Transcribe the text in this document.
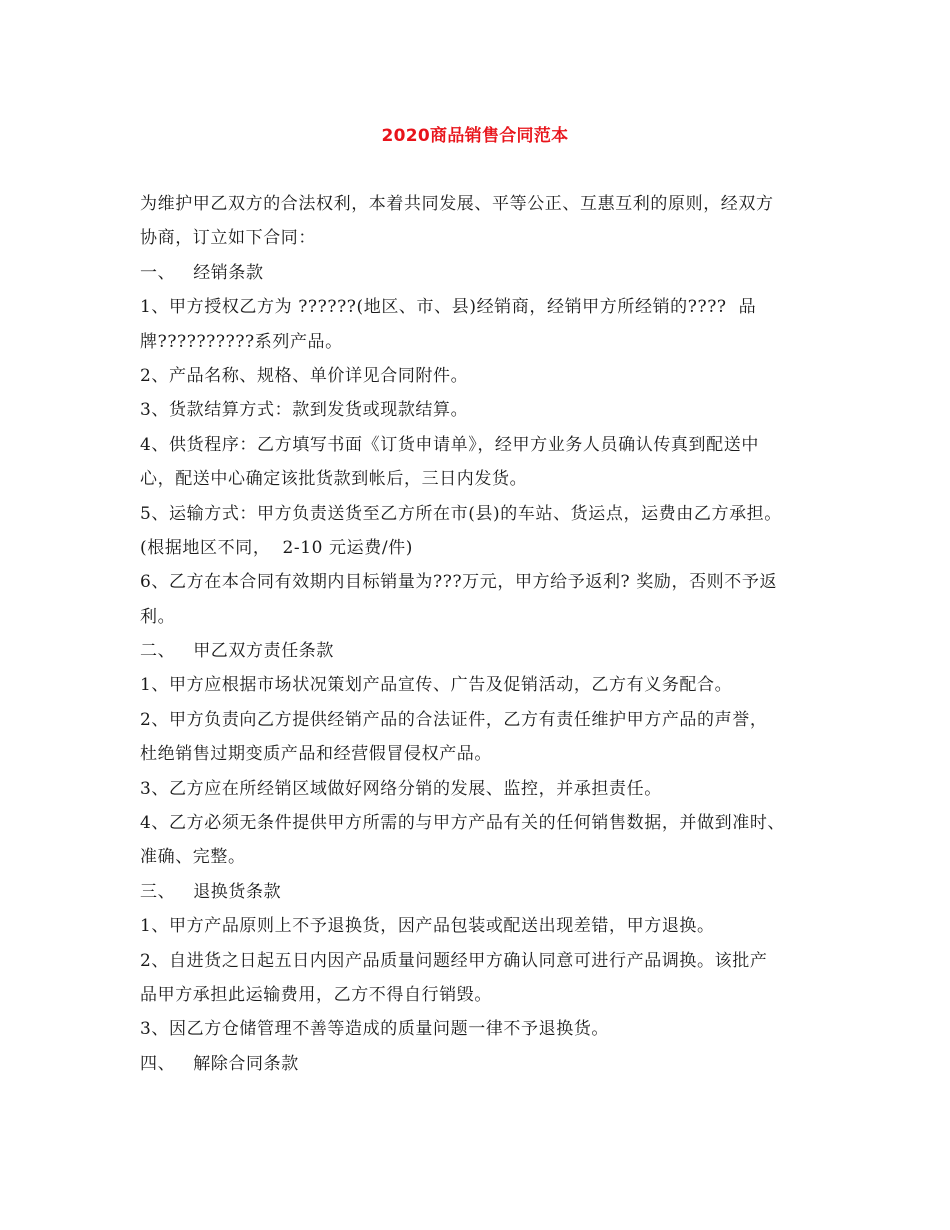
2020商品销售合同范本
为维护甲乙双方的合法权利，本着共同发展、平等公正、互惠互利的原则，经双方
协商，订立如下合同：
一、   经销条款
1、甲方授权乙方为 ??????(地区、市、县)经销商，经销甲方所经销的????  品
牌??????????系列产品。
2、产品名称、规格、单价详见合同附件。
3、货款结算方式：款到发货或现款结算。
4、供货程序：乙方填写书面《订货申请单》，经甲方业务人员确认传真到配送中
心，配送中心确定该批货款到帐后，三日内发货。
5、运输方式：甲方负责送货至乙方所在市(县)的车站、货运点，运费由乙方承担。
(根据地区不同，  2-10 元运费/件)
6、乙方在本合同有效期内目标销量为???万元，甲方给予返利? 奖励，否则不予返
利。
二、   甲乙双方责任条款
1、甲方应根据市场状况策划产品宣传、广告及促销活动，乙方有义务配合。
2、甲方负责向乙方提供经销产品的合法证件，乙方有责任维护甲方产品的声誉，
杜绝销售过期变质产品和经营假冒侵权产品。
3、乙方应在所经销区域做好网络分销的发展、监控，并承担责任。
4、乙方必须无条件提供甲方所需的与甲方产品有关的任何销售数据，并做到准时、
准确、完整。
三、   退换货条款
1、甲方产品原则上不予退换货，因产品包装或配送出现差错，甲方退换。
2、自进货之日起五日内因产品质量问题经甲方确认同意可进行产品调换。该批产
品甲方承担此运输费用，乙方不得自行销毁。
3、因乙方仓储管理不善等造成的质量问题一律不予退换货。
四、   解除合同条款
